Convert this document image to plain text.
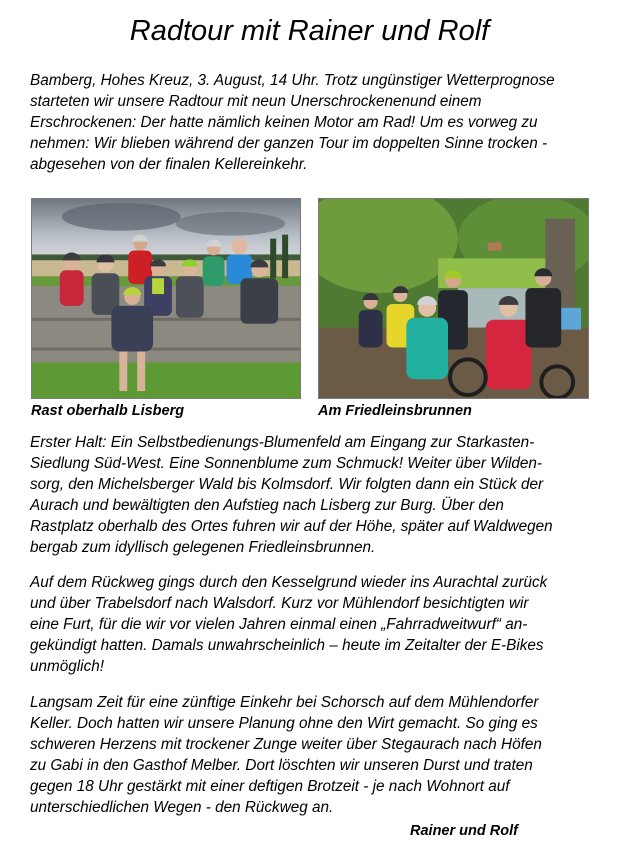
Radtour mit Rainer und Rolf
Bamberg, Hohes Kreuz, 3. August, 14 Uhr. Trotz ungünstiger Wetterprognose
starteten wir unsere Radtour mit neun Unerschrockenenund einem
Erschrockenen: Der hatte nämlich keinen Motor am Rad! Um es vorweg zu
nehmen: Wir blieben während der ganzen Tour im doppelten Sinne trocken -
abgesehen von der finalen Kellereinkehr.
Rast oberhalb Lisberg	Am Friedleinsbrunnen
Erster Halt: Ein Selbstbedienungs-Blumenfeld am Eingang zur Starkasten-
Siedlung Süd-West. Eine Sonnenblume zum Schmuck! Weiter über Wilden-
sorg, den Michelsberger Wald bis Kolmsdorf. Wir folgten dann ein Stück der
Aurach und bewältigten den Aufstieg nach Lisberg zur Burg. Über den
Rastplatz oberhalb des Ortes fuhren wir auf der Höhe, später auf Waldwegen
bergab zum idyllisch gelegenen Friedleinsbrunnen.
Auf dem Rückweg gings durch den Kesselgrund wieder ins Aurachtal zurück
und über Trabelsdorf nach Walsdorf. Kurz vor Mühlendorf besichtigten wir
eine Furt, für die wir vor vielen Jahren einmal einen „Fahrradweitwurf“ an-
gekündigt hatten. Damals unwahrscheinlich – heute im Zeitalter der E-Bikes
unmöglich!
Langsam Zeit für eine zünftige Einkehr bei Schorsch auf dem Mühlendorfer
Keller. Doch hatten wir unsere Planung ohne den Wirt gemacht. So ging es
schweren Herzens mit trockener Zunge weiter über Stegaurach nach Höfen
zu Gabi in den Gasthof Melber. Dort löschten wir unseren Durst und traten
gegen 18 Uhr gestärkt mit einer deftigen Brotzeit - je nach Wohnort auf
unterschiedlichen Wegen - den Rückweg an.
Rainer und Rolf
